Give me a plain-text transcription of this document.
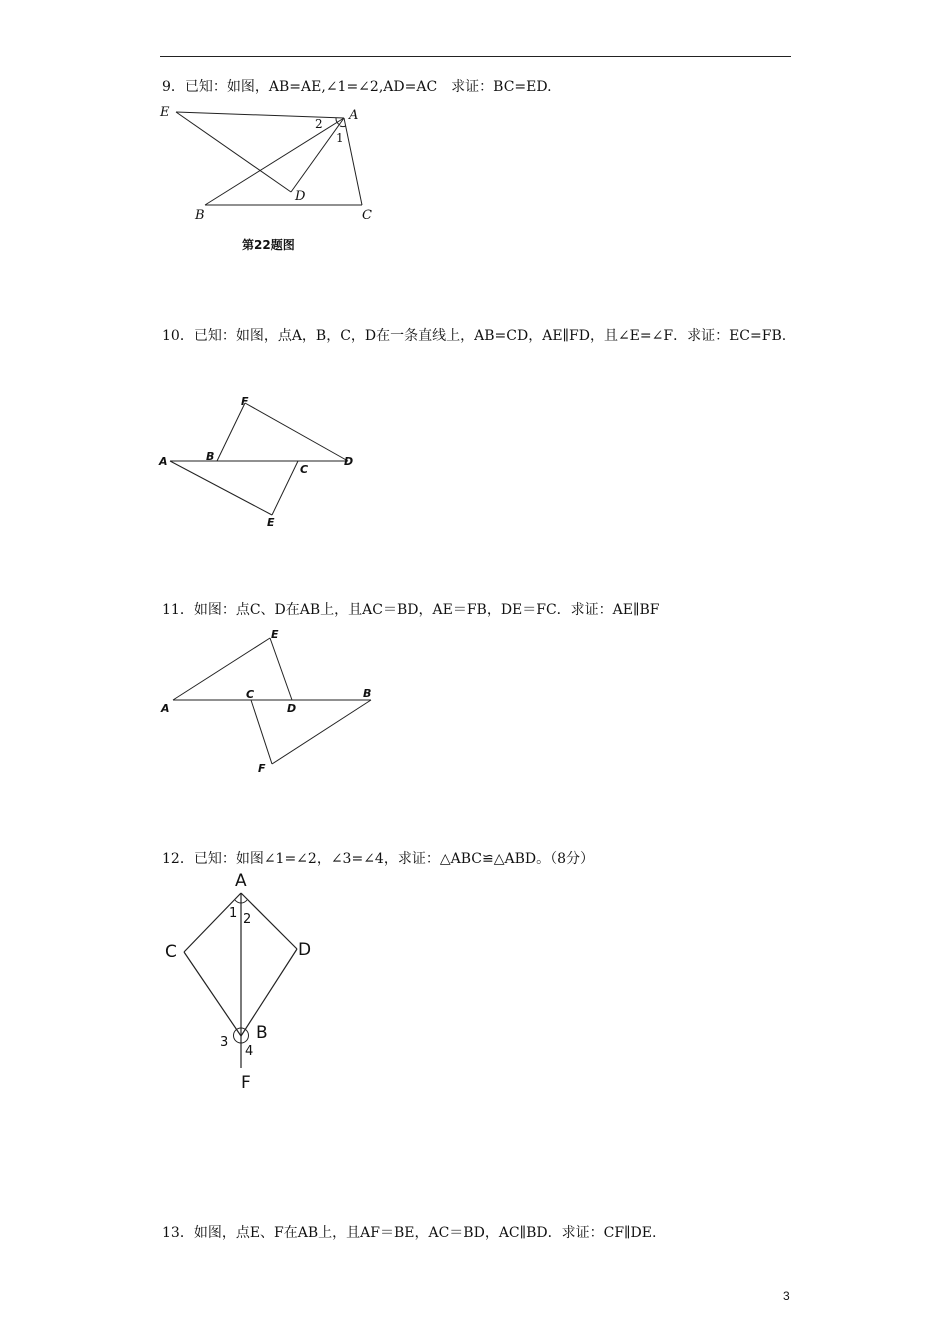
9．已知：如图，AB=AE,∠1=∠2,AD=AC　求证：BC=ED.
E	A
2
1
D
B	C
第22题图
10．已知：如图，点A，B，C，D在一条直线上，AB=CD，AE∥FD，且∠E=∠F．求证：EC=FB.
F
A	B
C
D
E
11．如图：点C、D在AB上，且AC＝BD，AE＝FB，DE＝FC．求证：AE∥BF
E
A
C
D
B
F
12．已知：如图∠1=∠2，∠3=∠4，求证：△ABC≌△ABD。（8分）
A
1 2
C	D
3 B
4
F
13．如图，点E、F在AB上，且AF＝BE，AC＝BD，AC∥BD．求证：CF∥DE.
3
